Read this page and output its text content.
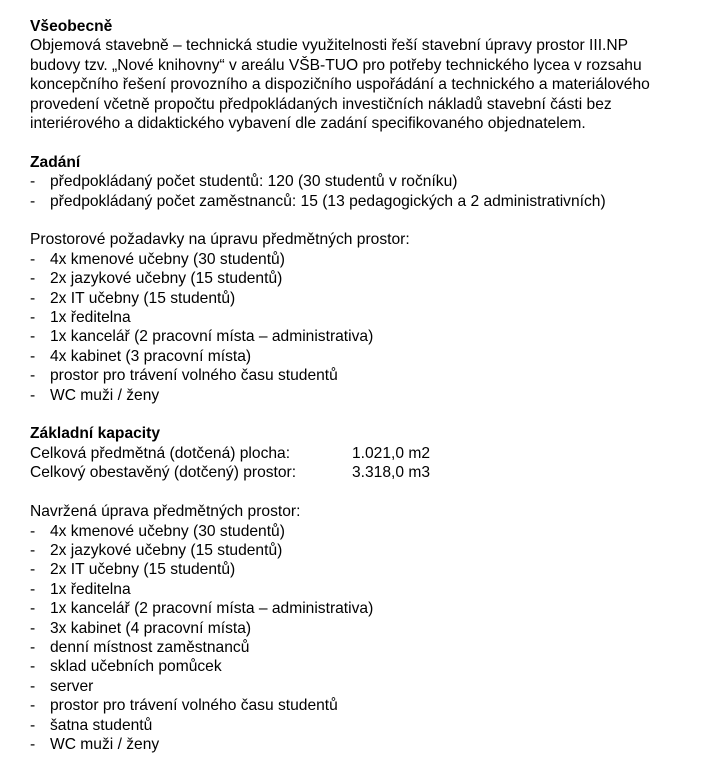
Všeobecně

Objemová stavebně – technická studie využitelnosti řeší stavební úpravy prostor III.NP

budovy tzv. „Nové knihovny“ v areálu VŠB-TUO pro potřeby technického lycea v rozsahu

koncepčního řešení provozního a dispozičního uspořádání a technického a materiálového

provedení včetně propočtu předpokládaných investičních nákladů stavební části bez

interiérového a didaktického vybavení dle zadání specifikovaného objednatelem.

Zadání

- předpokládaný počet studentů: 120 (30 studentů v ročníku)
- předpokládaný počet zaměstnanců: 15 (13 pedagogických a 2 administrativních)

Prostorové požadavky na úpravu předmětných prostor:

- 4x kmenové učebny (30 studentů)
- 2x jazykové učebny (15 studentů)
- 2x IT učebny (15 studentů)
- 1x ředitelna
- 1x kancelář (2 pracovní místa – administrativa)
- 4x kabinet (3 pracovní místa)
- prostor pro trávení volného času studentů
- WC muži / ženy

Základní kapacity

Celková předmětná (dotčená) plocha:	1.021,0 m2
Celkový obestavěný (dotčený) prostor:	3.318,0 m3

Navržená úprava předmětných prostor:

- 4x kmenové učebny (30 studentů)
- 2x jazykové učebny (15 studentů)
- 2x IT učebny (15 studentů)
- 1x ředitelna
- 1x kancelář (2 pracovní místa – administrativa)
- 3x kabinet (4 pracovní místa)
- denní místnost zaměstnanců
- sklad učebních pomůcek
- server
- prostor pro trávení volného času studentů
- šatna studentů
- WC muži / ženy
